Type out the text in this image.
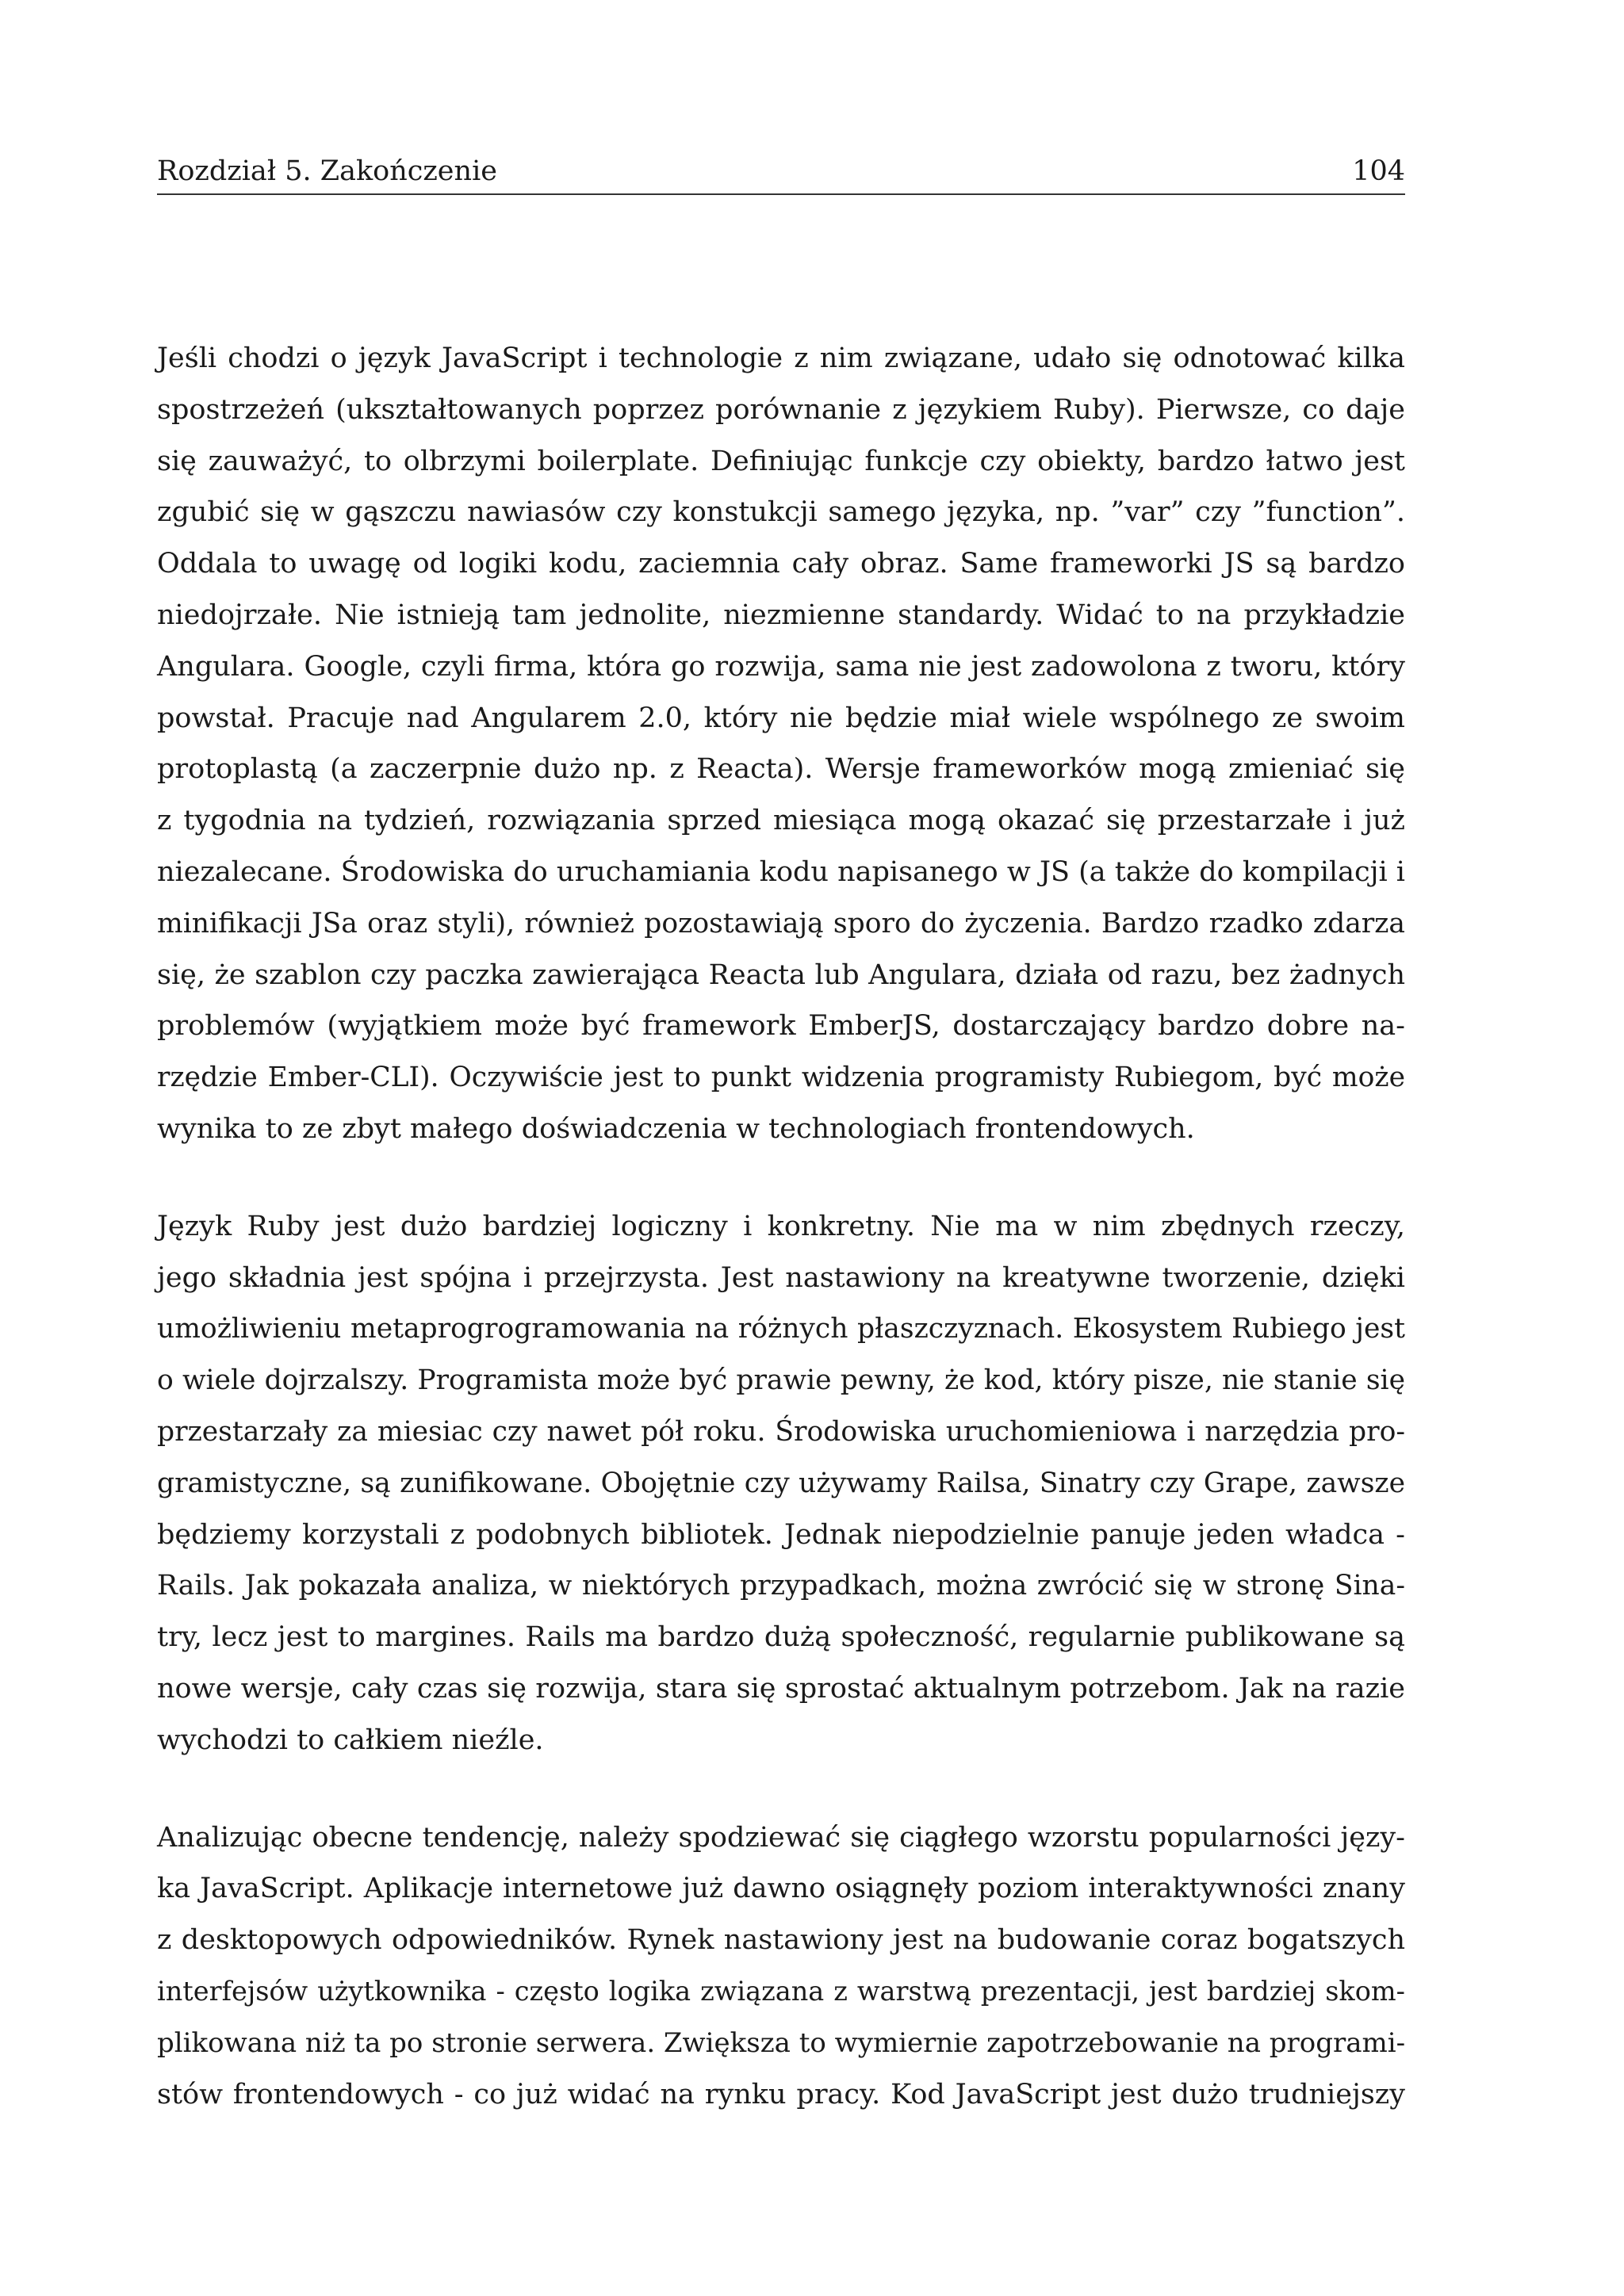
Rozdział 5. Zakończenie	104
Jeśli chodzi o język JavaScript i technologie z nim związane, udało się odnotować kilka
spostrzeżeń (ukształtowanych poprzez porównanie z językiem Ruby). Pierwsze, co daje
się zauważyć, to olbrzymi boilerplate. Definiując funkcje czy obiekty, bardzo łatwo jest
zgubić się w gąszczu nawiasów czy konstukcji samego języka, np. ”var” czy ”function”.
Oddala to uwagę od logiki kodu, zaciemnia cały obraz. Same frameworki JS są bardzo
niedojrzałe. Nie istnieją tam jednolite, niezmienne standardy. Widać to na przykładzie
Angulara. Google, czyli firma, która go rozwija, sama nie jest zadowolona z tworu, który
powstał. Pracuje nad Angularem 2.0, który nie będzie miał wiele wspólnego ze swoim
protoplastą (a zaczerpnie dużo np. z Reacta). Wersje frameworków mogą zmieniać się
z tygodnia na tydzień, rozwiązania sprzed miesiąca mogą okazać się przestarzałe i już
niezalecane. Środowiska do uruchamiania kodu napisanego w JS (a także do kompilacji i
minifikacji JSa oraz styli), również pozostawiają sporo do życzenia. Bardzo rzadko zdarza
się, że szablon czy paczka zawierająca Reacta lub Angulara, działa od razu, bez żadnych
problemów (wyjątkiem może być framework EmberJS, dostarczający bardzo dobre na-
rzędzie Ember-CLI). Oczywiście jest to punkt widzenia programisty Rubiegom, być może
wynika to ze zbyt małego doświadczenia w technologiach frontendowych.
Język Ruby jest dużo bardziej logiczny i konkretny. Nie ma w nim zbędnych rzeczy,
jego składnia jest spójna i przejrzysta. Jest nastawiony na kreatywne tworzenie, dzięki
umożliwieniu metaprogrogramowania na różnych płaszczyznach. Ekosystem Rubiego jest
o wiele dojrzalszy. Programista może być prawie pewny, że kod, który pisze, nie stanie się
przestarzały za miesiac czy nawet pół roku. Środowiska uruchomieniowa i narzędzia pro-
gramistyczne, są zunifikowane. Obojętnie czy używamy Railsa, Sinatry czy Grape, zawsze
będziemy korzystali z podobnych bibliotek. Jednak niepodzielnie panuje jeden władca -
Rails. Jak pokazała analiza, w niektórych przypadkach, można zwrócić się w stronę Sina-
try, lecz jest to margines. Rails ma bardzo dużą społeczność, regularnie publikowane są
nowe wersje, cały czas się rozwija, stara się sprostać aktualnym potrzebom. Jak na razie
wychodzi to całkiem nieźle.
Analizując obecne tendencję, należy spodziewać się ciągłego wzorstu popularności języ-
ka JavaScript. Aplikacje internetowe już dawno osiągnęły poziom interaktywności znany
z desktopowych odpowiedników. Rynek nastawiony jest na budowanie coraz bogatszych
interfejsów użytkownika - często logika związana z warstwą prezentacji, jest bardziej skom-
plikowana niż ta po stronie serwera. Zwiększa to wymiernie zapotrzebowanie na programi-
stów frontendowych - co już widać na rynku pracy. Kod JavaScript jest dużo trudniejszy
